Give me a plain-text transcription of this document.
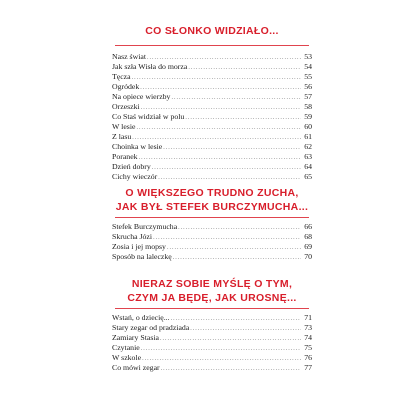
CO SŁONKO WIDZIAŁO...
Nasz świat .....	53
Jak szła Wisła do morza .....	54
Tęcza .....	55
Ogródek .....	56
Na opiece wierzby .....	57
Orzeszki .....	58
Co Staś widział w polu .....	59
W lesie .....	60
Z lasu .....	61
Choinka w lesie .....	62
Poranek .....	63
Dzień dobry .....	64
Cichy wieczór .....	65
O WIĘKSZEGO TRUDNO ZUCHA,
JAK BYŁ STEFEK BURCZYMUCHA...
Stefek Burczymucha .....	66
Skrucha Józi .....	68
Zosia i jej mopsy .....	69
Sposób na laleczkę .....	70
NIERAZ SOBIE MYŚLĘ O TYM,
CZYM JA BĘDĘ, JAK UROSNĘ...
Wstań, o dziecię... .....	71
Stary zegar od pradziada .....	73
Zamiary Stasia .....	74
Czytanie .....	75
W szkole .....	76
Co mówi zegar .....	77
